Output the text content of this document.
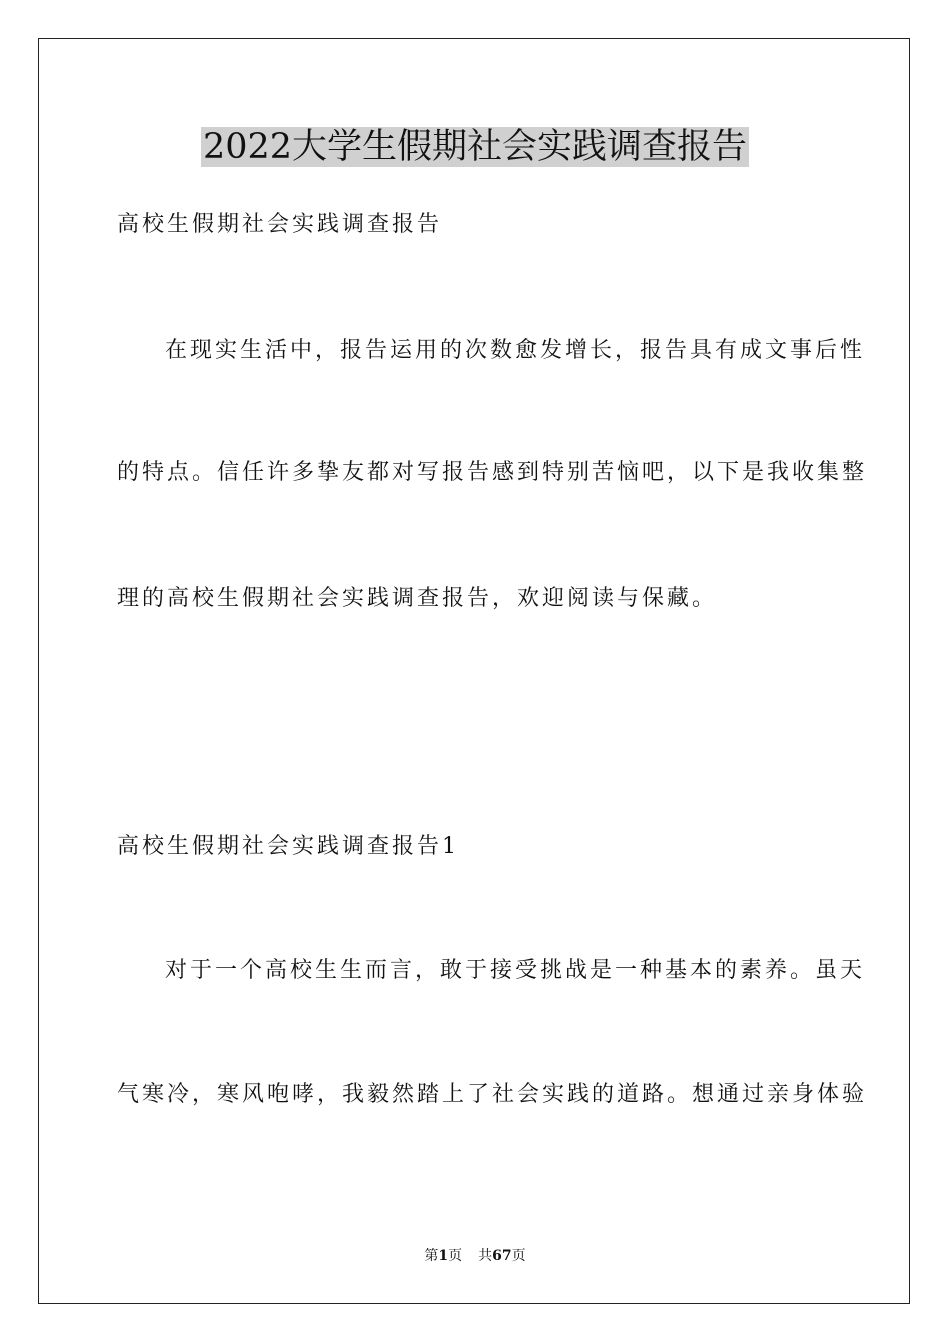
2022大学生假期社会实践调查报告
高校生假期社会实践调查报告
在现实生活中，报告运用的次数愈发增长，报告具有成文事后性
的特点。信任许多挚友都对写报告感到特别苦恼吧，以下是我收集整
理的高校生假期社会实践调查报告，欢迎阅读与保藏。
高校生假期社会实践调查报告1
对于一个高校生生而言，敢于接受挑战是一种基本的素养。虽天
气寒冷，寒风咆哮，我毅然踏上了社会实践的道路。想通过亲身体验
第1页 共67页
